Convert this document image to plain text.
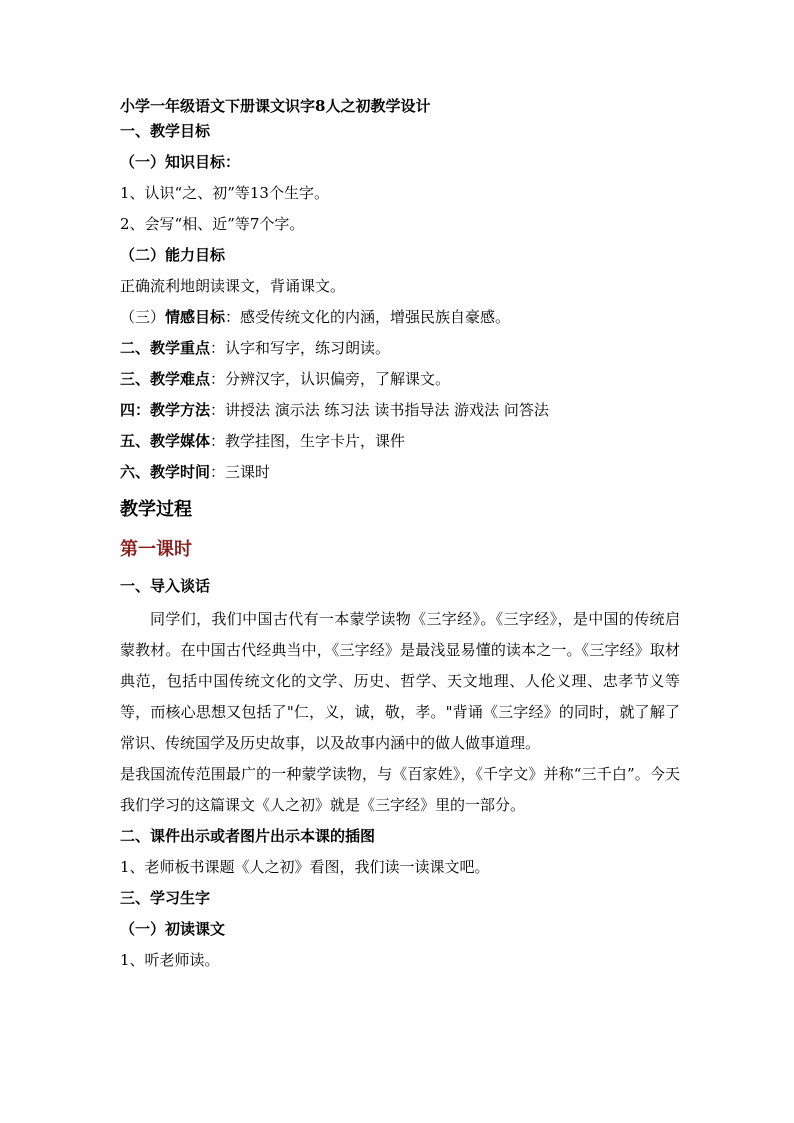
小学一年级语文下册课文识字8人之初教学设计
一、教学目标
（一）知识目标：
1、认识“之、初”等13个生字。
2、会写“相、近”等7个字。
（二）能力目标
正确流利地朗读课文，背诵课文。
（三）情感目标：感受传统文化的内涵，增强民族自豪感。
二、教学重点：认字和写字，练习朗读。
三、教学难点：分辨汉字，认识偏旁，了解课文。
四：教学方法：讲授法 演示法 练习法 读书指导法 游戏法 问答法
五、教学媒体：教学挂图，生字卡片，课件
六、教学时间：三课时
教学过程
第一课时
一、导入谈话
同学们，我们中国古代有一本蒙学读物《三字经》。《三字经》，是中国的传统启蒙教材。在中国古代经典当中，《三字经》是最浅显易懂的读本之一。《三字经》取材典范，包括中国传统文化的文学、历史、哲学、天文地理、人伦义理、忠孝节义等等，而核心思想又包括了"仁，义，诚，敬，孝。"背诵《三字经》的同时，就了解了常识、传统国学及历史故事，以及故事内涵中的做人做事道理。
是我国流传范围最广的一种蒙学读物，与《百家姓》，《千字文》并称“三千白”。今天我们学习的这篇课文《人之初》就是《三字经》里的一部分。
二、课件出示或者图片出示本课的插图
1、老师板书课题《人之初》看图，我们读一读课文吧。
三、学习生字
（一）初读课文
1、听老师读。
